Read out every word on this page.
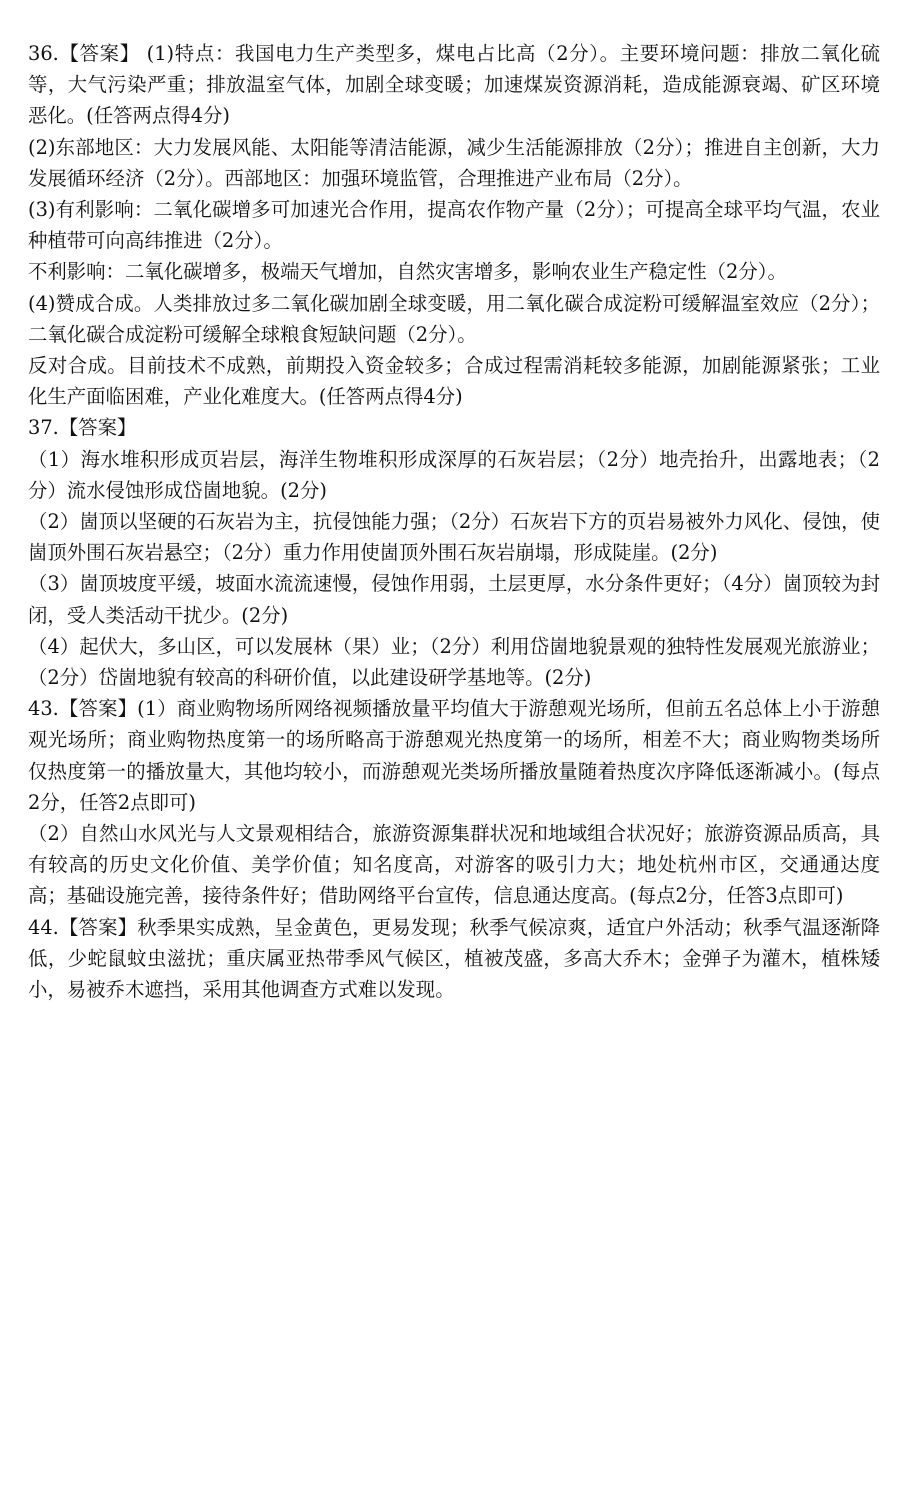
36.【答案】 (1)特点：我国电力生产类型多，煤电占比高（2分）。主要环境问题：排放二氧化硫等，大气污染严重；排放温室气体，加剧全球变暖；加速煤炭资源消耗，造成能源衰竭、矿区环境恶化。(任答两点得4分)

(2)东部地区：大力发展风能、太阳能等清洁能源，减少生活能源排放（2分）；推进自主创新，大力发展循环经济（2分）。西部地区：加强环境监管，合理推进产业布局（2分）。

(3)有利影响：二氧化碳增多可加速光合作用，提高农作物产量（2分）；可提高全球平均气温，农业种植带可向高纬推进（2分）。

不利影响：二氧化碳增多，极端天气增加，自然灾害增多，影响农业生产稳定性（2分）。

(4)赞成合成。人类排放过多二氧化碳加剧全球变暖，用二氧化碳合成淀粉可缓解温室效应（2分）；二氧化碳合成淀粉可缓解全球粮食短缺问题（2分）。

反对合成。目前技术不成熟，前期投入资金较多；合成过程需消耗较多能源，加剧能源紧张；工业化生产面临困难，产业化难度大。(任答两点得4分)

37.【答案】

（1）海水堆积形成页岩层，海洋生物堆积形成深厚的石灰岩层；（2分）地壳抬升，出露地表；（2分）流水侵蚀形成岱崮地貌。(2分)

（2）崮顶以坚硬的石灰岩为主，抗侵蚀能力强；（2分）石灰岩下方的页岩易被外力风化、侵蚀，使崮顶外围石灰岩悬空；（2分）重力作用使崮顶外围石灰岩崩塌，形成陡崖。(2分)

（3）崮顶坡度平缓，坡面水流流速慢，侵蚀作用弱，土层更厚，水分条件更好；（4分）崮顶较为封闭，受人类活动干扰少。(2分)

（4）起伏大，多山区，可以发展林（果）业；（2分）利用岱崮地貌景观的独特性发展观光旅游业；（2分）岱崮地貌有较高的科研价值，以此建设研学基地等。(2分)

43.【答案】(1）商业购物场所网络视频播放量平均值大于游憩观光场所，但前五名总体上小于游憩观光场所；商业购物热度第一的场所略高于游憩观光热度第一的场所，相差不大；商业购物类场所仅热度第一的播放量大，其他均较小，而游憩观光类场所播放量随着热度次序降低逐渐减小。(每点2分，任答2点即可)

（2）自然山水风光与人文景观相结合，旅游资源集群状况和地域组合状况好；旅游资源品质高，具有较高的历史文化价值、美学价值；知名度高，对游客的吸引力大；地处杭州市区，交通通达度高；基础设施完善，接待条件好；借助网络平台宣传，信息通达度高。(每点2分，任答3点即可)

44.【答案】秋季果实成熟，呈金黄色，更易发现；秋季气候凉爽，适宜户外活动；秋季气温逐渐降低，少蛇鼠蚊虫滋扰；重庆属亚热带季风气候区，植被茂盛，多高大乔木；金弹子为灌木，植株矮小，易被乔木遮挡，采用其他调查方式难以发现。
